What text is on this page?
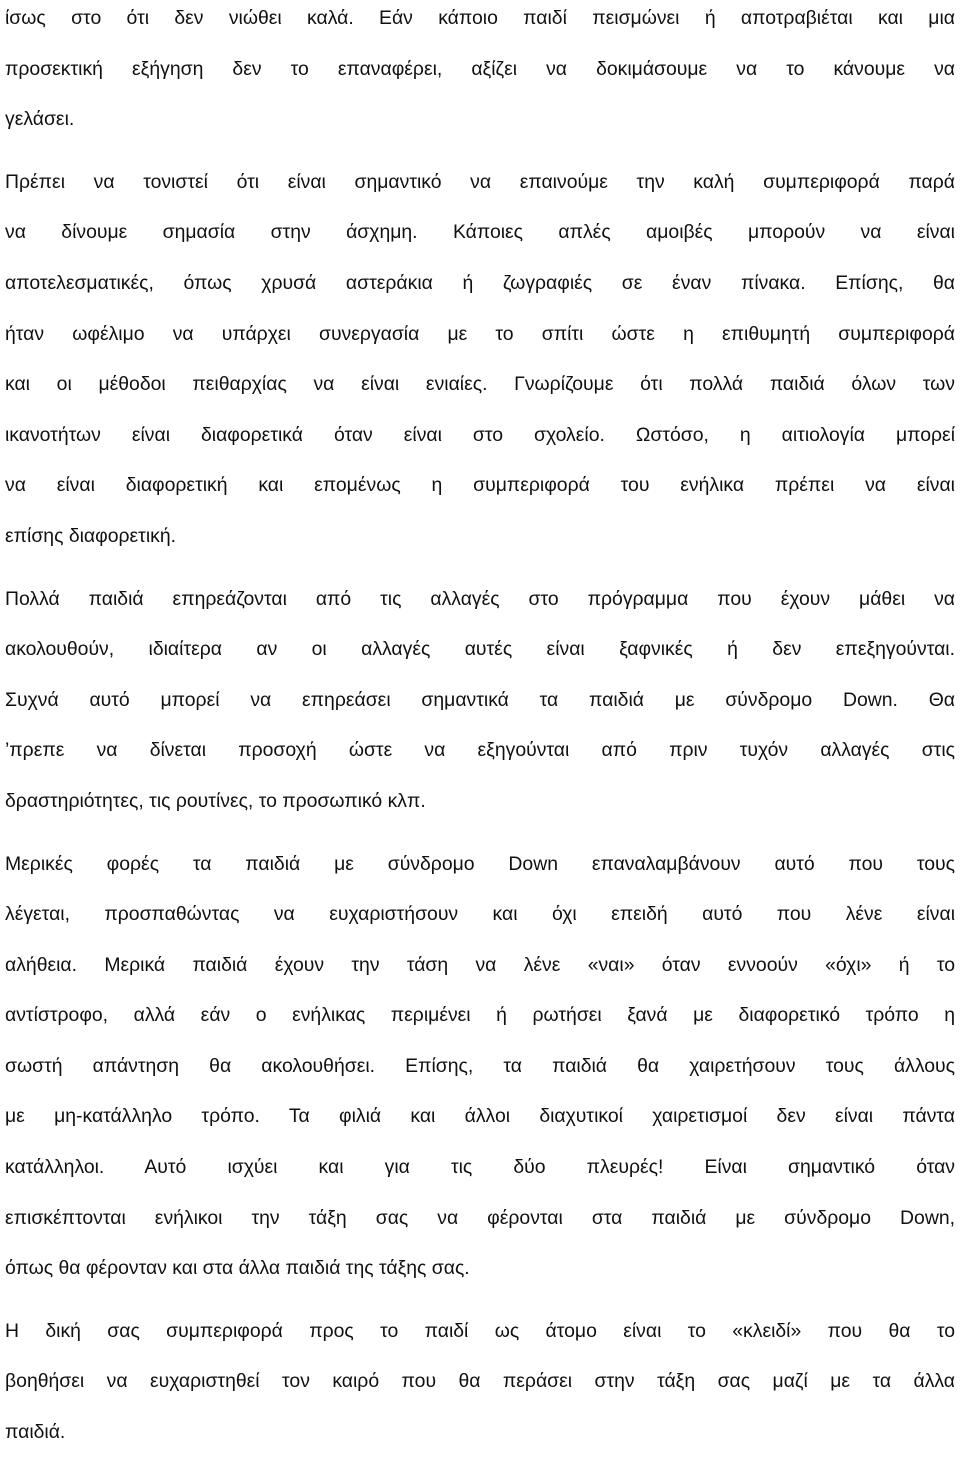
ίσως στο ότι δεν νιώθει καλά. Εάν κάποιο παιδί πεισμώνει ή αποτραβιέται και μια
προσεκτική εξήγηση δεν το επαναφέρει, αξίζει να δοκιμάσουμε να το κάνουμε να
γελάσει.
Πρέπει να τονιστεί ότι είναι σημαντικό να επαινούμε την καλή συμπεριφορά παρά
να δίνουμε σημασία στην άσχημη. Κάποιες απλές αμοιβές μπορούν να είναι
αποτελεσματικές, όπως χρυσά αστεράκια ή ζωγραφιές σε έναν πίνακα. Επίσης, θα
ήταν ωφέλιμο να υπάρχει συνεργασία με το σπίτι ώστε η επιθυμητή συμπεριφορά
και οι μέθοδοι πειθαρχίας να είναι ενιαίες. Γνωρίζουμε ότι πολλά παιδιά όλων των
ικανοτήτων είναι διαφορετικά όταν είναι στο σχολείο. Ωστόσο, η αιτιολογία μπορεί
να είναι διαφορετική και επομένως η συμπεριφορά του ενήλικα πρέπει να είναι
επίσης διαφορετική.
Πολλά παιδιά επηρεάζονται από τις αλλαγές στο πρόγραμμα που έχουν μάθει να
ακολουθούν, ιδιαίτερα αν οι αλλαγές αυτές είναι ξαφνικές ή δεν επεξηγούνται.
Συχνά αυτό μπορεί να επηρεάσει σημαντικά τα παιδιά με σύνδρομο Down. Θα
’πρεπε να δίνεται προσοχή ώστε να εξηγούνται από πριν τυχόν αλλαγές στις
δραστηριότητες, τις ρουτίνες, το προσωπικό κλπ.
Μερικές φορές τα παιδιά με σύνδρομο Down επαναλαμβάνουν αυτό που τους
λέγεται, προσπαθώντας να ευχαριστήσουν και όχι επειδή αυτό που λένε είναι
αλήθεια. Μερικά παιδιά έχουν την τάση να λένε «ναι» όταν εννοούν «όχι» ή το
αντίστροφο, αλλά εάν ο ενήλικας περιμένει ή ρωτήσει ξανά με διαφορετικό τρόπο η
σωστή απάντηση θα ακολουθήσει. Επίσης, τα παιδιά θα χαιρετήσουν τους άλλους
με μη-κατάλληλο τρόπο. Τα φιλιά και άλλοι διαχυτικοί χαιρετισμοί δεν είναι πάντα
κατάλληλοι. Αυτό ισχύει και για τις δύο πλευρές! Είναι σημαντικό όταν
επισκέπτονται ενήλικοι την τάξη σας να φέρονται στα παιδιά με σύνδρομο Down,
όπως θα φέρονταν και στα άλλα παιδιά της τάξης σας.
Η δική σας συμπεριφορά προς το παιδί ως άτομο είναι το «κλειδί» που θα το
βοηθήσει να ευχαριστηθεί τον καιρό που θα περάσει στην τάξη σας μαζί με τα άλλα
παιδιά.
